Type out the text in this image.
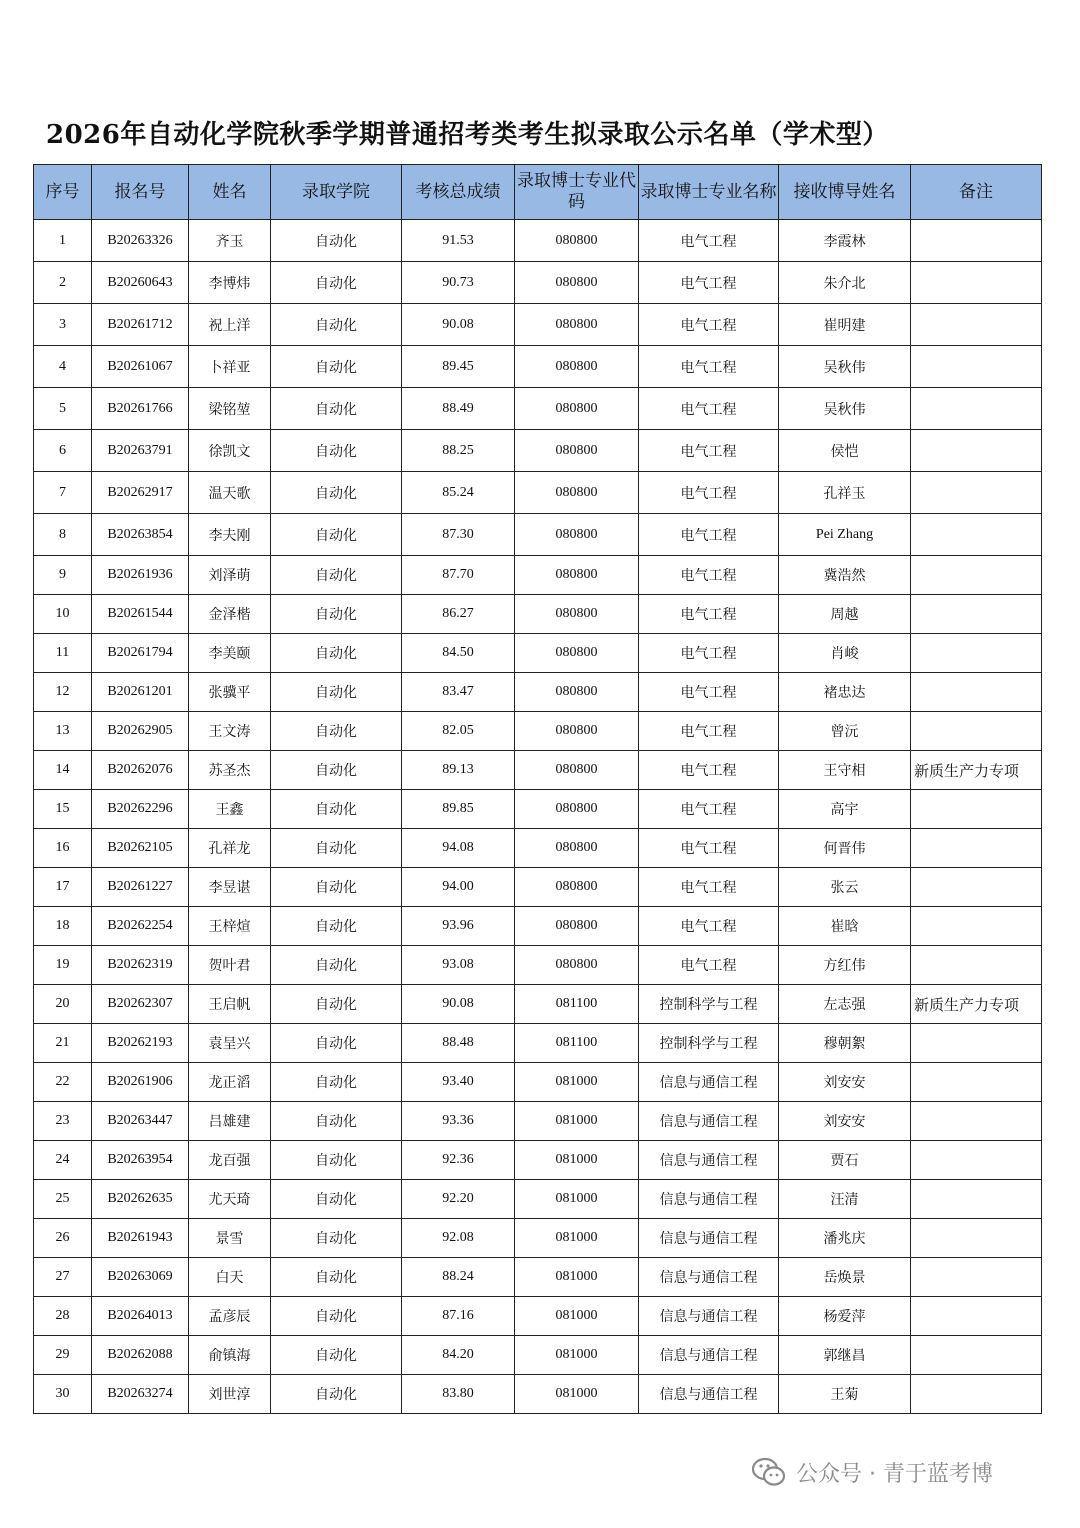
2026年自动化学院秋季学期普通招考类考生拟录取公示名单（学术型）
序号	报名号	姓名	录取学院	考核总成绩	录取博士专业代码	录取博士专业名称	接收博导姓名	备注
1	B20263326	齐玉	自动化	91.53	080800	电气工程	李霞林	
2	B20260643	李博炜	自动化	90.73	080800	电气工程	朱介北	
3	B20261712	祝上洋	自动化	90.08	080800	电气工程	崔明建	
4	B20261067	卜祥亚	自动化	89.45	080800	电气工程	吴秋伟	
5	B20261766	梁铭堃	自动化	88.49	080800	电气工程	吴秋伟	
6	B20263791	徐凯文	自动化	88.25	080800	电气工程	侯恺	
7	B20262917	温天歌	自动化	85.24	080800	电气工程	孔祥玉	
8	B20263854	李夫刚	自动化	87.30	080800	电气工程	Pei Zhang	
9	B20261936	刘泽萌	自动化	87.70	080800	电气工程	冀浩然	
10	B20261544	金泽楷	自动化	86.27	080800	电气工程	周越	
11	B20261794	李美颐	自动化	84.50	080800	电气工程	肖峻	
12	B20261201	张骥平	自动化	83.47	080800	电气工程	褚忠达	
13	B20262905	王文涛	自动化	82.05	080800	电气工程	曾沅	
14	B20262076	苏圣杰	自动化	89.13	080800	电气工程	王守相	新质生产力专项
15	B20262296	王鑫	自动化	89.85	080800	电气工程	高宇	
16	B20262105	孔祥龙	自动化	94.08	080800	电气工程	何晋伟	
17	B20261227	李昱谌	自动化	94.00	080800	电气工程	张云	
18	B20262254	王梓煊	自动化	93.96	080800	电气工程	崔晗	
19	B20262319	贺叶君	自动化	93.08	080800	电气工程	方红伟	
20	B20262307	王启帆	自动化	90.08	081100	控制科学与工程	左志强	新质生产力专项
21	B20262193	袁呈兴	自动化	88.48	081100	控制科学与工程	穆朝絮	
22	B20261906	龙正滔	自动化	93.40	081000	信息与通信工程	刘安安	
23	B20263447	吕雄建	自动化	93.36	081000	信息与通信工程	刘安安	
24	B20263954	龙百强	自动化	92.36	081000	信息与通信工程	贾石	
25	B20262635	尤天琦	自动化	92.20	081000	信息与通信工程	汪清	
26	B20261943	景雪	自动化	92.08	081000	信息与通信工程	潘兆庆	
27	B20263069	白天	自动化	88.24	081000	信息与通信工程	岳焕景	
28	B20264013	孟彦辰	自动化	87.16	081000	信息与通信工程	杨爱萍	
29	B20262088	俞镇海	自动化	84.20	081000	信息与通信工程	郭继昌	
30	B20263274	刘世淳	自动化	83.80	081000	信息与通信工程	王菊	
公众号 · 青于蓝考博
